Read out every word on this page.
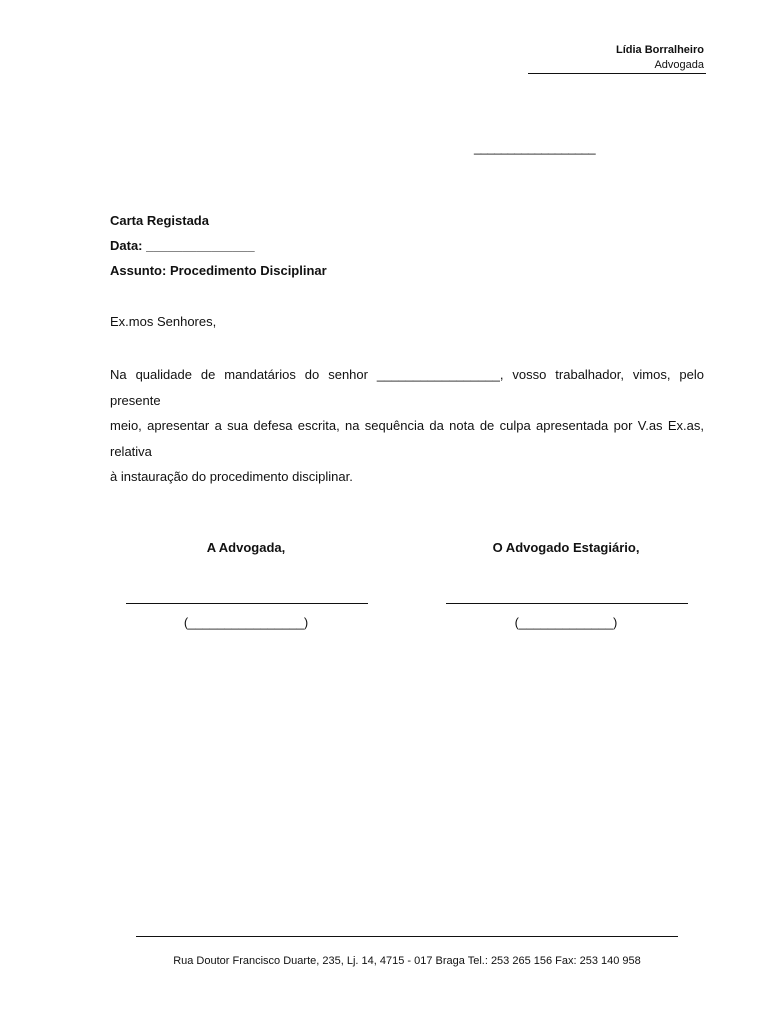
Lídia Borralheiro
Advogada
__________________
Carta Registada
Data: _______________
Assunto: Procedimento Disciplinar
Ex.mos Senhores,
Na qualidade de mandatários do senhor _________________, vosso trabalhador, vimos, pelo presente
meio, apresentar a sua defesa escrita, na sequência da nota de culpa apresentada por V.as Ex.as, relativa
à instauração do procedimento disciplinar.
A Advogada,
(________________)
O Advogado Estagiário,
(_____________)
Rua Doutor Francisco Duarte, 235, Lj. 14, 4715 - 017 Braga Tel.: 253 265 156 Fax: 253 140 958
